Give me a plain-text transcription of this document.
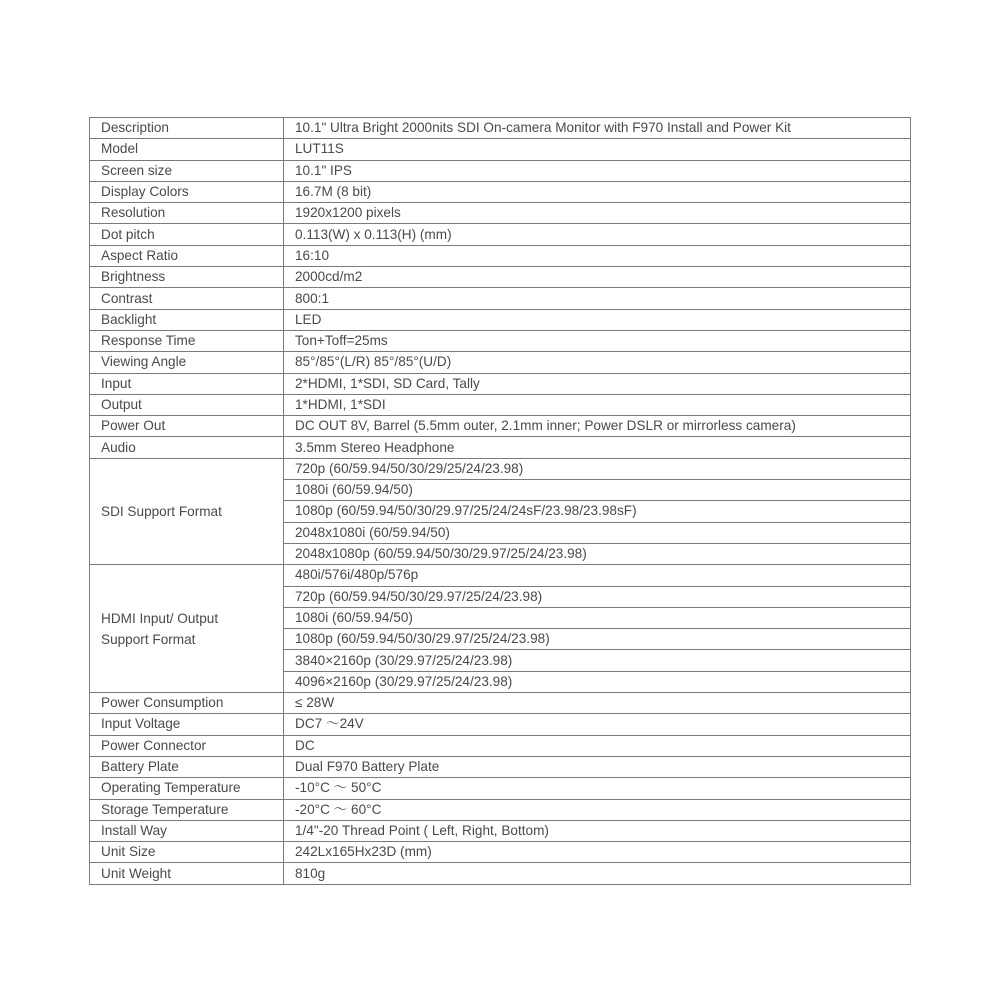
Description	10.1" Ultra Bright 2000nits SDI On-camera Monitor with F970 Install and Power Kit
Model	LUT11S
Screen size	10.1" IPS
Display Colors	16.7M (8 bit)
Resolution	1920x1200 pixels
Dot pitch	0.113(W) x 0.113(H) (mm)
Aspect Ratio	16:10
Brightness	2000cd/m2
Contrast	800:1
Backlight	LED
Response Time	Ton+Toff=25ms
Viewing Angle	85°/85°(L/R) 85°/85°(U/D)
Input	2*HDMI, 1*SDI, SD Card, Tally
Output	1*HDMI, 1*SDI
Power Out	DC OUT 8V, Barrel (5.5mm outer, 2.1mm inner; Power DSLR or mirrorless camera)
Audio	3.5mm Stereo Headphone
SDI Support Format	720p (60/59.94/50/30/29/25/24/23.98)
	1080i (60/59.94/50)
	1080p (60/59.94/50/30/29.97/25/24/24sF/23.98/23.98sF)
	2048x1080i (60/59.94/50)
	2048x1080p (60/59.94/50/30/29.97/25/24/23.98)

HDMI Input/ Output
Support Format	480i/576i/480p/576p
	720p (60/59.94/50/30/29.97/25/24/23.98)
	1080i (60/59.94/50)
	1080p (60/59.94/50/30/29.97/25/24/23.98)
	3840×2160p (30/29.97/25/24/23.98)
	4096×2160p (30/29.97/25/24/23.98)
Power Consumption	≤ 28W
Input Voltage	DC7 ～24V
Power Connector	DC
Battery Plate	Dual F970 Battery Plate
Operating Temperature	-10°C ～ 50°C
Storage Temperature	-20°C ～ 60°C
Install Way	1/4"-20 Thread Point ( Left, Right, Bottom)
Unit Size	242Lx165Hx23D (mm)
Unit Weight	810g
